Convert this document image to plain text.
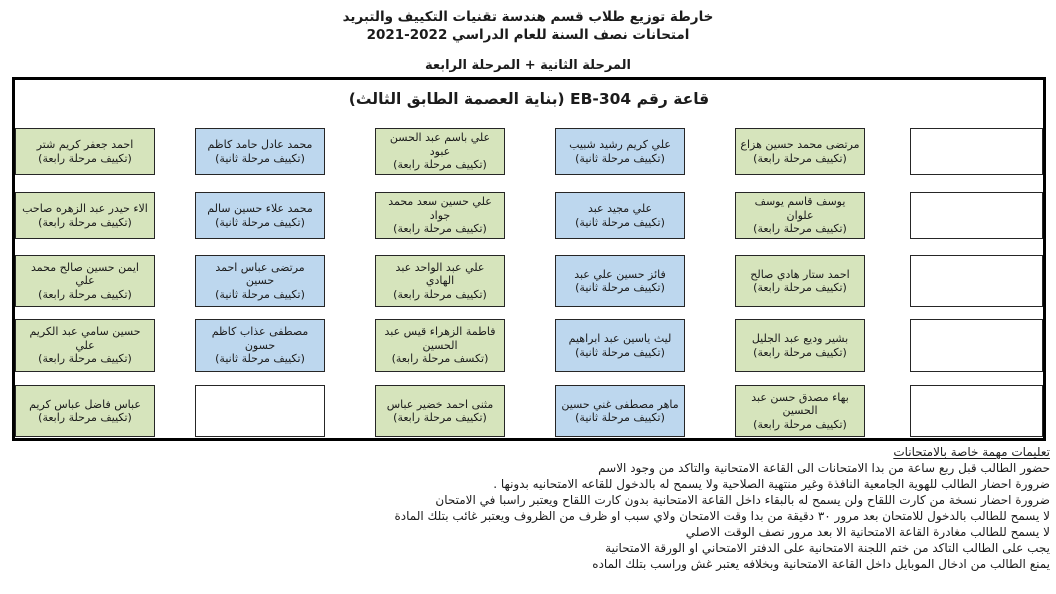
خارطة توزيع طلاب قسم هندسة تقنيات التكييف والتبريد
امتحانات نصف السنة للعام الدراسي 2022-2021
المرحلة الثانية + المرحلة الرابعة
قاعة رقم EB-304 (بناية العصمة الطابق الثالث)
احمد جعفر كريم شتر
(تكييف مرحلة رابعة)
محمد عادل حامد كاظم
(تكييف مرحلة ثانية)
علي باسم عبد الحسن عبود
(تكييف مرحلة رابعة)
علي كريم رشيد شبيب
(تكييف مرحلة ثانية)
مرتضى محمد حسين هزاع
(تكييف مرحلة رابعة)
الاء حيدر عبد الزهره صاحب
(تكييف مرحلة رابعة)
محمد علاء حسين سالم
(تكييف مرحلة ثانية)
علي حسين سعد محمد جواد
(تكييف مرحلة رابعة)
علي مجيد عبد
(تكييف مرحلة ثانية)
يوسف قاسم يوسف علوان
(تكييف مرحلة رابعة)
ايمن حسين صالح محمد علي
(تكييف مرحلة رابعة)
مرتضى عباس احمد حسين
(تكييف مرحلة ثانية)
علي عبد الواحد عبد الهادي
(تكييف مرحلة رابعة)
فائز حسين علي عبد
(تكييف مرحلة ثانية)
احمد ستار هادي صالح
(تكييف مرحلة رابعة)
حسين سامي عبد الكريم علي
(تكييف مرحلة رابعة)
مصطفى عذاب كاظم حسون
(تكييف مرحلة ثانية)
فاطمة الزهراء قيس عبد الحسين
(تكسف مرحلة رابعة)
ليث ياسين عبد ابراهيم
(تكييف مرحلة ثانية)
بشير وديع عبد الجليل
(تكييف مرحلة رابعة)
عباس فاضل عباس كريم
(تكييف مرحلة رابعة)
مثنى احمد خضير عباس
(تكييف مرحلة رابعة)
ماهر مصطفى غني حسين
(تكييف مرحلة ثانية)
بهاء مصدق حسن عبد الحسين
(تكييف مرحلة رابعة)
تعليمات مهمة خاصة بالامتحانات
حضور الطالب قبل ربع ساعة من بدا الامتحانات الى القاعة الامتحانية والتاكد من وجود الاسم
ضرورة احضار الطالب للهوية الجامعية النافذة وغير منتهية الصلاحية ولا يسمح له بالدخول للقاعه الامتحانيه بدونها .
ضرورة احضار نسخة من كارت اللقاح ولن يسمح له بالبقاء داخل القاعة الامتحانية بدون كارت اللقاح ويعتبر راسبا في الامتحان
لا يسمح للطالب بالدخول للامتحان بعد مرور ٣٠ دقيقة من بدا وقت الامتحان ولاي سبب او ظرف من الظروف ويعتبر غائب بتلك المادة
لا يسمح للطالب مغادرة القاعة الامتحانية الا بعد مرور نصف الوقت الاصلي
يجب على الطالب التاكد من ختم اللجنة الامتحانية على الدفتر الامتحاني او الورقة الامتحانية
يمنع الطالب من ادخال الموبايل داخل القاعة الامتحانية وبخلافه يعتبر غش وراسب بتلك الماده
